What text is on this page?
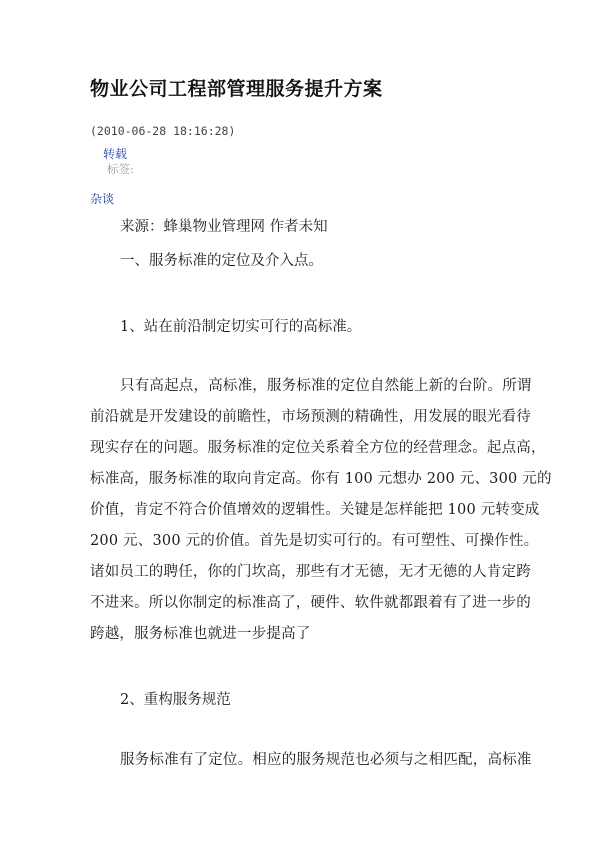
物业公司工程部管理服务提升方案
(2010-06-28 18:16:28)
转载
标签:
杂谈
来源：蜂巢物业管理网 作者未知
一、服务标准的定位及介入点。
1、站在前沿制定切实可行的高标准。
只有高起点，高标准，服务标准的定位自然能上新的台阶。所谓
前沿就是开发建设的前瞻性，市场预测的精确性，用发展的眼光看待
现实存在的问题。服务标准的定位关系着全方位的经营理念。起点高，
标准高，服务标准的取向肯定高。你有 100 元想办 200 元、300 元的
价值，肯定不符合价值增效的逻辑性。关键是怎样能把 100 元转变成
200 元、300 元的价值。首先是切实可行的。有可塑性、可操作性。
诸如员工的聘任，你的门坎高，那些有才无德，无才无德的人肯定跨
不进来。所以你制定的标准高了，硬件、软件就都跟着有了进一步的
跨越，服务标准也就进一步提高了
2、重构服务规范
服务标准有了定位。相应的服务规范也必须与之相匹配，高标准
